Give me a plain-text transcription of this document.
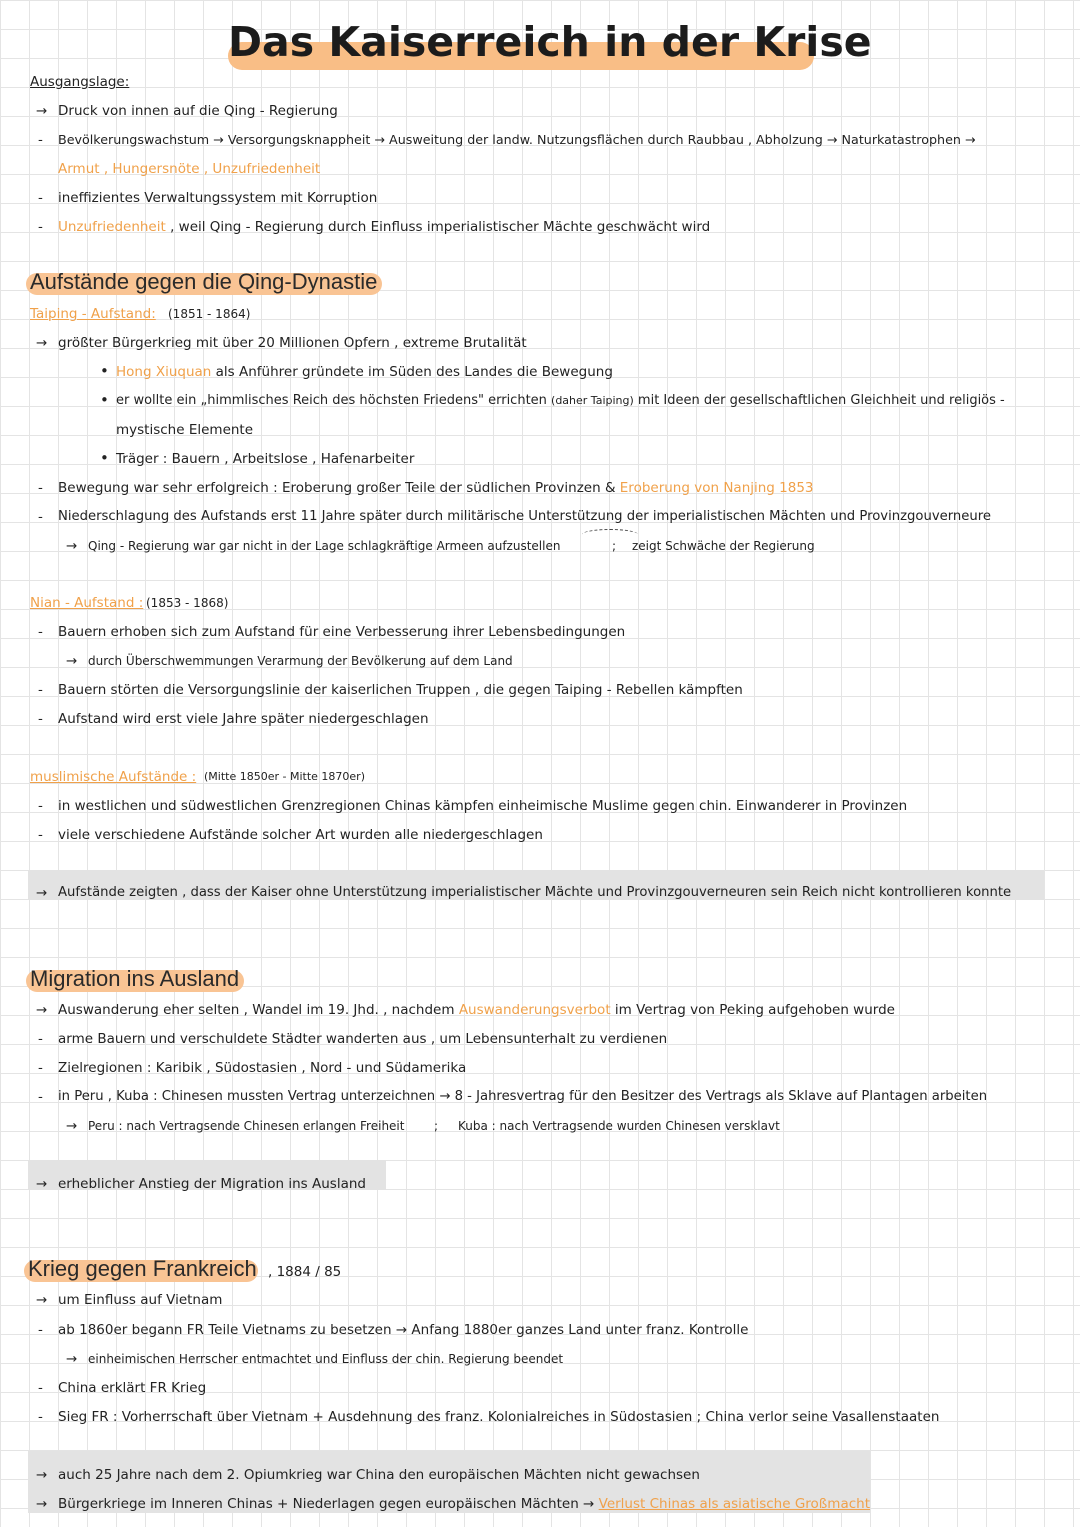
Das Kaiserreich in der Krise
Ausgangslage:
→ Druck von innen auf die Qing - Regierung
- Bevölkerungswachstum → Versorgungsknappheit → Ausweitung der landw. Nutzungsflächen durch Raubbau , Abholzung → Naturkatastrophen →
Armut , Hungersnöte , Unzufriedenheit
- ineffizientes Verwaltungssystem mit Korruption
- Unzufriedenheit , weil Qing - Regierung durch Einfluss imperialistischer Mächte geschwächt wird
Aufstände gegen die Qing-Dynastie
Taiping - Aufstand: (1851 - 1864)
→ größter Bürgerkrieg mit über 20 Millionen Opfern , extreme Brutalität
• Hong Xiuquan als Anführer gründete im Süden des Landes die Bewegung
• er wollte ein „himmlisches Reich des höchsten Friedens" errichten (daher Taiping) mit Ideen der gesellschaftlichen Gleichheit und religiös -
mystische Elemente
• Träger : Bauern , Arbeitslose , Hafenarbeiter
- Bewegung war sehr erfolgreich : Eroberung großer Teile der südlichen Provinzen & Eroberung von Nanjing 1853
- Niederschlagung des Aufstands erst 11 Jahre später durch militärische Unterstützung der imperialistischen Mächten und Provinzgouverneure
→ Qing - Regierung war gar nicht in der Lage schlagkräftige Armeen aufzustellen	; zeigt Schwäche der Regierung
Nian - Aufstand : (1853 - 1868)
- Bauern erhoben sich zum Aufstand für eine Verbesserung ihrer Lebensbedingungen
→ durch Überschwemmungen Verarmung der Bevölkerung auf dem Land
- Bauern störten die Versorgungslinie der kaiserlichen Truppen , die gegen Taiping - Rebellen kämpften
- Aufstand wird erst viele Jahre später niedergeschlagen
muslimische Aufstände : (Mitte 1850er - Mitte 1870er)
- in westlichen und südwestlichen Grenzregionen Chinas kämpfen einheimische Muslime gegen chin. Einwanderer in Provinzen
- viele verschiedene Aufstände solcher Art wurden alle niedergeschlagen
→ Aufstände zeigten , dass der Kaiser ohne Unterstützung imperialistischer Mächte und Provinzgouverneuren sein Reich nicht kontrollieren konnte
Migration ins Ausland
→ Auswanderung eher selten , Wandel im 19. Jhd. , nachdem Auswanderungsverbot im Vertrag von Peking aufgehoben wurde
- arme Bauern und verschuldete Städter wanderten aus , um Lebensunterhalt zu verdienen
- Zielregionen : Karibik , Südostasien , Nord - und Südamerika
- in Peru , Kuba : Chinesen mussten Vertrag unterzeichnen → 8 - Jahresvertrag für den Besitzer des Vertrags als Sklave auf Plantagen arbeiten
→ Peru : nach Vertragsende Chinesen erlangen Freiheit ; Kuba : nach Vertragsende wurden Chinesen versklavt
→ erheblicher Anstieg der Migration ins Ausland
Krieg gegen Frankreich , 1884 / 85
→ um Einfluss auf Vietnam
- ab 1860er begann FR Teile Vietnams zu besetzen → Anfang 1880er ganzes Land unter franz. Kontrolle
→ einheimischen Herrscher entmachtet und Einfluss der chin. Regierung beendet
- China erklärt FR Krieg
- Sieg FR : Vorherrschaft über Vietnam + Ausdehnung des franz. Kolonialreiches in Südostasien ; China verlor seine Vasallenstaaten
→ auch 25 Jahre nach dem 2. Opiumkrieg war China den europäischen Mächten nicht gewachsen
→ Bürgerkriege im Inneren Chinas + Niederlagen gegen europäischen Mächten → Verlust Chinas als asiatische Großmacht
